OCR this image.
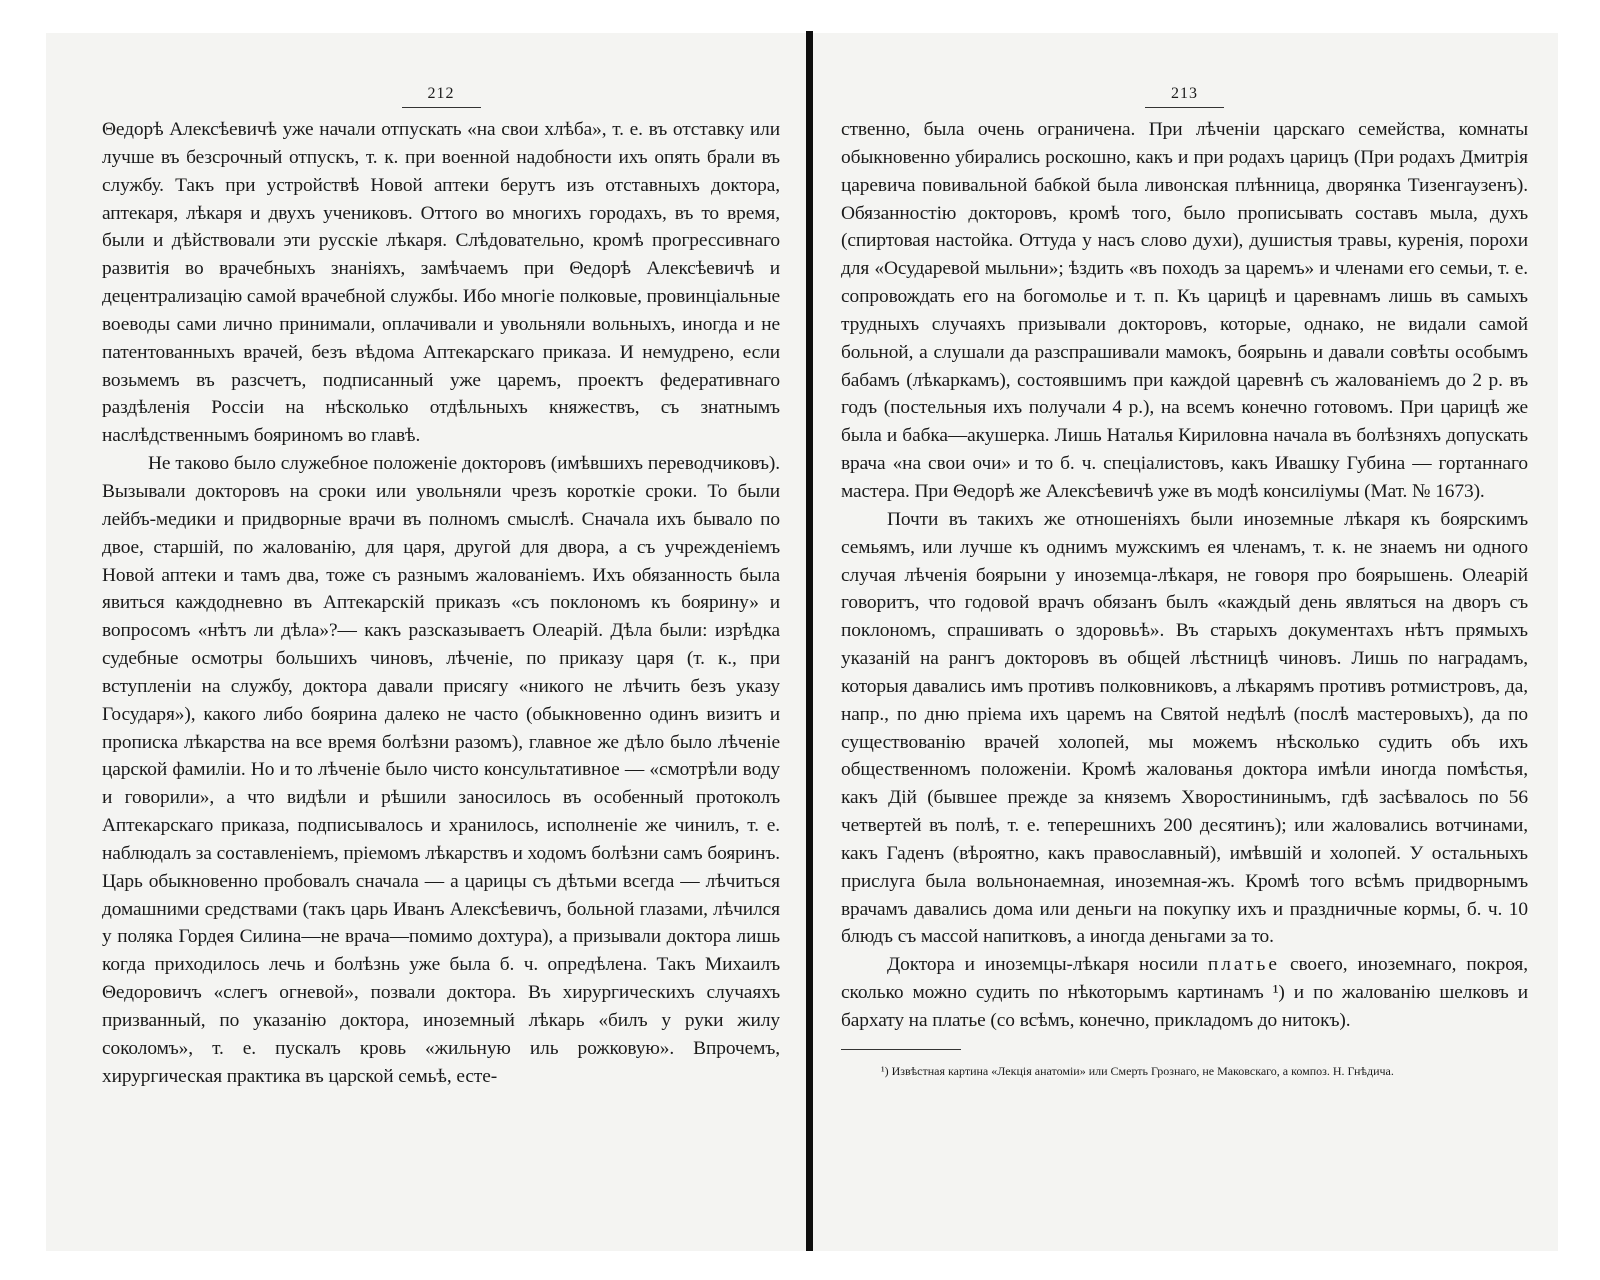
212

Θедорѣ Алексѣевичѣ уже начали отпускать «на свои хлѣба», т. е. въ отставку или лучше въ безсрочный отпускъ, т. к. при военной надобности ихъ опять брали въ службу. Такъ при устройствѣ Новой аптеки берутъ изъ отставныхъ доктора, аптекаря, лѣкаря и двухъ учениковъ. Оттого во многихъ городахъ, въ то время, были и дѣйствовали эти русскіе лѣкаря. Слѣдовательно, кромѣ прогрессивнаго развитія во врачебныхъ знаніяхъ, замѣчаемъ при Θедорѣ Алексѣевичѣ и децентрализацію самой врачебной службы. Ибо многіе полковые, провинціальные воеводы сами лично принимали, оплачивали и увольняли вольныхъ, иногда и не патентованныхъ врачей, безъ вѣдома Аптекарскаго приказа. И немудрено, если возьмемъ въ разсчетъ, подписанный уже царемъ, проектъ федеративнаго раздѣленія Россіи на нѣсколько отдѣльныхъ княжествъ, съ знатнымъ наслѣдственнымъ бояриномъ во главѣ.

Не таково было служебное положеніе докторовъ (имѣвшихъ переводчиковъ). Вызывали докторовъ на сроки или увольняли чрезъ короткіе сроки. То были лейбъ-медики и придворные врачи въ полномъ смыслѣ. Сначала ихъ бывало по двое, старшій, по жалованію, для царя, другой для двора, а съ учрежденіемъ Новой аптеки и тамъ два, тоже съ разнымъ жалованіемъ. Ихъ обязанность была явиться каждодневно въ Аптекарскій приказъ «съ поклономъ къ боярину» и вопросомъ «нѣтъ ли дѣла»?— какъ разсказываетъ Олеарій. Дѣла были: изрѣдка судебные осмотры большихъ чиновъ, лѣченіе, по приказу царя (т. к., при вступленіи на службу, доктора давали присягу «никого не лѣчить безъ указу Государя»), какого либо боярина далеко не часто (обыкновенно одинъ визитъ и прописка лѣкарства на все время болѣзни разомъ), главное же дѣло было лѣченіе царской фамиліи. Но и то лѣченіе было чисто консультативное — «смотрѣли воду и говорили», а что видѣли и рѣшили заносилось въ особенный протоколъ Аптекарскаго приказа, подписывалось и хранилось, исполненіе же чинилъ, т. е. наблюдалъ за составленіемъ, пріемомъ лѣкарствъ и ходомъ болѣзни самъ бояринъ. Царь обыкновенно пробовалъ сначала — а царицы съ дѣтьми всегда — лѣчиться домашними средствами (такъ царь Иванъ Алексѣевичъ, больной глазами, лѣчился у поляка Гордея Силина—не врача—помимо дохтура), а призывали доктора лишь когда приходилось лечь и болѣзнь уже была б. ч. опредѣлена. Такъ Михаилъ Θедоровичъ «слегъ огневой», позвали доктора. Въ хирургическихъ случаяхъ призванный, по указанію доктора, иноземный лѣкарь «билъ у руки жилу соколомъ», т. е. пускалъ кровь «жильную иль рожковую». Впрочемъ, хирургическая практика въ царской семьѣ, есте-

213

ственно, была очень ограничена. При лѣченіи царскаго семейства, комнаты обыкновенно убирались роскошно, какъ и при родахъ царицъ (При родахъ Дмитрія царевича повивальной бабкой была ливонская плѣнница, дворянка Тизенгаузенъ). Обязанностію докторовъ, кромѣ того, было прописывать составъ мыла, духъ (спиртовая настойка. Оттуда у насъ слово духи), душистыя травы, куренія, порохи для «Осударевой мыльни»; ѣздить «въ походъ за царемъ» и членами его семьи, т. е. сопровождать его на богомолье и т. п. Къ царицѣ и царевнамъ лишь въ самыхъ трудныхъ случаяхъ призывали докторовъ, которые, однако, не видали самой больной, а слушали да разспрашивали мамокъ, боярынь и давали совѣты особымъ бабамъ (лѣкаркамъ), состоявшимъ при каждой царевнѣ съ жалованіемъ до 2 р. въ годъ (постельныя ихъ получали 4 р.), на всемъ конечно готовомъ. При царицѣ же была и бабка—акушерка. Лишь Наталья Кириловна начала въ болѣзняхъ допускать врача «на свои очи» и то б. ч. спеціалистовъ, какъ Ивашку Губина — гортаннаго мастера. При Θедорѣ же Алексѣевичѣ уже въ модѣ консиліумы (Мат. № 1673).

Почти въ такихъ же отношеніяхъ были иноземные лѣкаря къ боярскимъ семьямъ, или лучше къ однимъ мужскимъ ея членамъ, т. к. не знаемъ ни одного случая лѣченія боярыни у иноземца-лѣкаря, не говоря про боярышень. Олеарій говоритъ, что годовой врачъ обязанъ былъ «каждый день являться на дворъ съ поклономъ, спрашивать о здоровьѣ». Въ старыхъ документахъ нѣтъ прямыхъ указаній на рангъ докторовъ въ общей лѣстницѣ чиновъ. Лишь по наградамъ, которыя давались имъ противъ полковниковъ, а лѣкарямъ противъ ротмистровъ, да, напр., по дню пріема ихъ царемъ на Святой недѣлѣ (послѣ мастеровыхъ), да по существованію врачей холопей, мы можемъ нѣсколько судить объ ихъ общественномъ положеніи. Кромѣ жалованья доктора имѣли иногда помѣстья, какъ Дій (бывшее прежде за княземъ Хворостининымъ, гдѣ засѣвалось по 56 четвертей въ полѣ, т. е. теперешнихъ 200 десятинъ); или жаловались вотчинами, какъ Гаденъ (вѣроятно, какъ православный), имѣвшій и холопей. У остальныхъ прислуга была вольнонаемная, иноземная-жъ. Кромѣ того всѣмъ придворнымъ врачамъ давались дома или деньги на покупку ихъ и праздничные кормы, б. ч. 10 блюдъ съ массой напитковъ, а иногда деньгами за то.

Доктора и иноземцы-лѣкаря носили платье своего, иноземнаго, покроя, сколько можно судить по нѣкоторымъ картинамъ ¹) и по жалованію шелковъ и бархату на платье (со всѣмъ, конечно, прикладомъ до нитокъ).

¹) Извѣстная картина «Лекція анатоміи» или Смерть Грознаго, не Маковскаго, а композ. Н. Гнѣдича.
